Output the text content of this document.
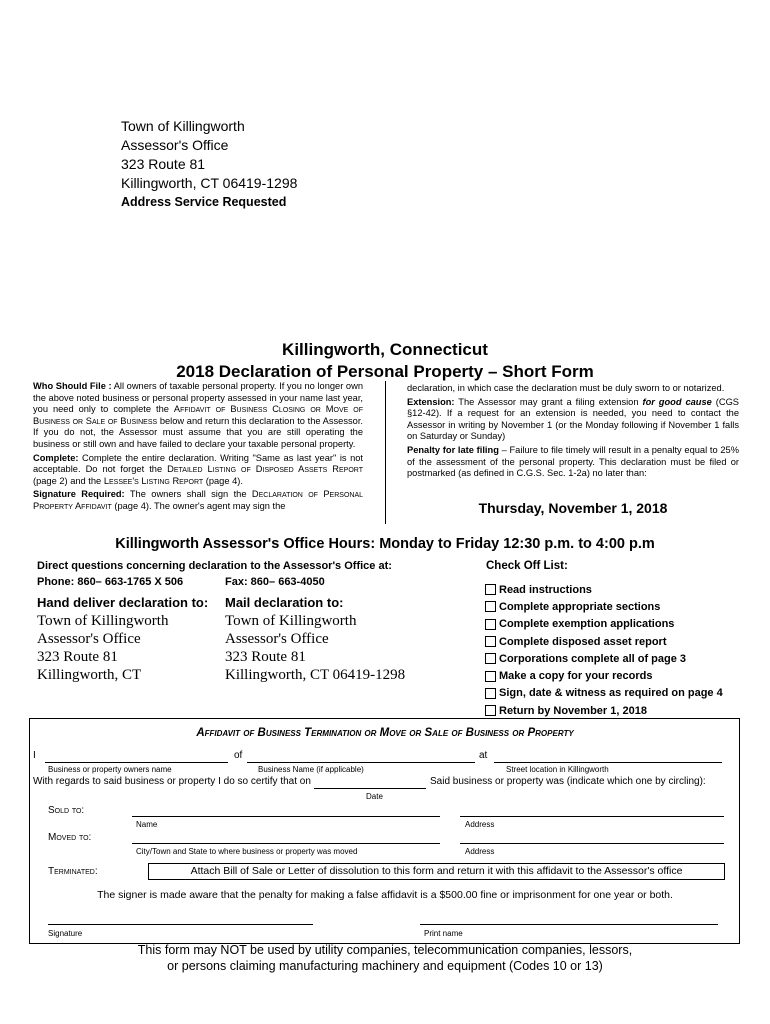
Town of Killingworth
Assessor's Office
323 Route 81
Killingworth, CT 06419-1298
Address Service Requested
Killingworth, Connecticut
2018 Declaration of Personal Property – Short Form

Who Should File : All owners of taxable personal property. If you no longer own the above noted business or personal property assessed in your name last year, you need only to complete the Affidavit of Business Closing or Move of Business or Sale of Business below and return this declaration to the Assessor. If you do not, the Assessor must assume that you are still operating the business or still own and have failed to declare your taxable personal property.

Complete: Complete the entire declaration. Writing "Same as last year" is not acceptable. Do not forget the Detailed Listing of Disposed Assets Report (page 2) and the Lessee's Listing Report (page 4).

Signature Required: The owners shall sign the Declaration of Personal Property Affidavit (page 4). The owner's agent may sign the

declaration, in which case the declaration must be duly sworn to or notarized.

Extension: The Assessor may grant a filing extension for good cause (CGS §12-42). If a request for an extension is needed, you need to contact the Assessor in writing by November 1 (or the Monday following if November 1 falls on Saturday or Sunday)

Penalty for late filing – Failure to file timely will result in a penalty equal to 25% of the assessment of the personal property. This declaration must be filed or postmarked (as defined in C.G.S. Sec. 1-2a) no later than:

Thursday, November 1, 2018
Killingworth Assessor's Office Hours: Monday to Friday 12:30 p.m. to 4:00 p.m
Direct questions concerning declaration to the Assessor's Office at:
Phone: 860– 663-1765 X 506	Fax: 860– 663-4050
Hand deliver declaration to: Mail declaration to:
Town of Killingworth
Assessor's Office
323 Route 81
Killingworth, CT
Town of Killingworth
Assessor's Office
323 Route 81
Killingworth, CT 06419-1298
Check Off List:
Read instructions
Complete appropriate sections
Complete exemption applications
Complete disposed asset report
Corporations complete all of page 3
Make a copy for your records
Sign, date & witness as required on page 4
Return by November 1, 2018
Affidavit of Business Termination or Move or Sale of Business or Property
I	of	at
Business or property owners name	Business Name (if applicable)	Street location in Killingworth
With regards to said business or property I do so certify that on	Said business or property was (indicate which one by circling):
Date
Sold to:
Name	Address
Moved to:
City/Town and State to where business or property was moved	Address
Terminated:	Attach Bill of Sale or Letter of dissolution to this form and return it with this affidavit to the Assessor's office
The signer is made aware that the penalty for making a false affidavit is a $500.00 fine or imprisonment for one year or both.
Signature	Print name
This form may NOT be used by utility companies, telecommunication companies, lessors,
or persons claiming manufacturing machinery and equipment (Codes 10 or 13)
